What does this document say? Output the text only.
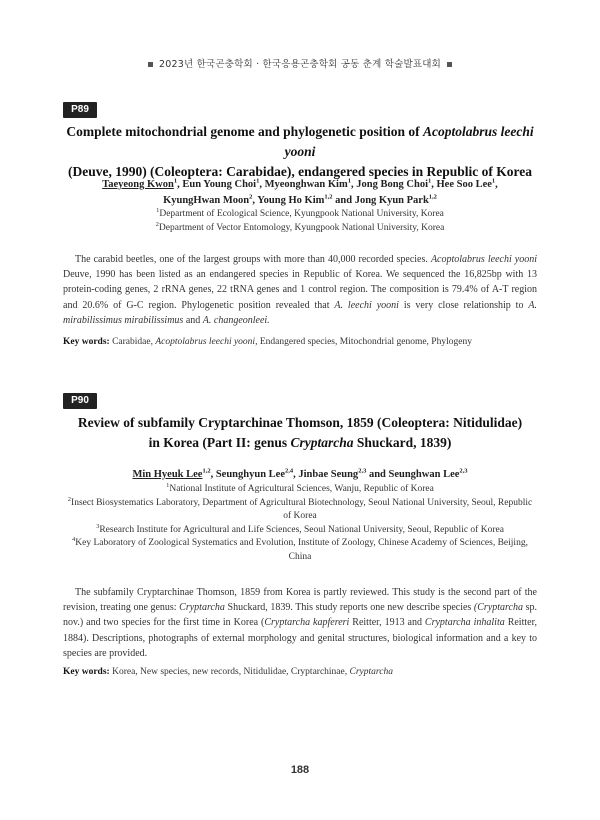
2023년 한국곤충학회 · 한국응용곤충학회 공동 춘계 학술발표대회
P89
Complete mitochondrial genome and phylogenetic position of Acoptolabrus leechi yooni
(Deuve, 1990) (Coleoptera: Carabidae), endangered species in Republic of Korea
Taeyeong Kwon$^1$, Eun Young Choi$^1$, Myeonghwan Kim$^1$, Jong Bong Choi$^1$, Hee Soo Lee$^1$,
KyungHwan Moon$^2$, Young Ho Kim$^{1,2}$ and Jong Kyun Park$^{1,2}$
$^1$Department of Ecological Science, Kyungpook National University, Korea
$^2$Department of Vector Entomology, Kyungpook National University, Korea
The carabid beetles, one of the largest groups with more than 40,000 recorded species. Acoptolabrus leechi yooni Deuve, 1990 has been listed as an endangered species in Republic of Korea. We sequenced the 16,825bp with 13 protein-coding genes, 2 rRNA genes, 22 tRNA genes and 1 control region. The composition is 79.4% of A-T region and 20.6% of G-C region. Phylogenetic position revealed that A. leechi yooni is very close relationship to A. mirabilissimus mirabilissimus and A. changeonleei.
Key words: Carabidae, Acoptolabrus leechi yooni, Endangered species, Mitochondrial genome, Phylogeny
P90
Review of subfamily Cryptarchinae Thomson, 1859 (Coleoptera: Nitidulidae)
in Korea (Part II: genus Cryptarcha Shuckard, 1839)
Min Hyeuk Lee$^{1,2}$, Seunghyun Lee$^{2,4}$, Jinbae Seung$^{2,3}$ and Seunghwan Lee$^{2,3}$
$^1$National Institute of Agricultural Sciences, Wanju, Republic of Korea
$^2$Insect Biosystematics Laboratory, Department of Agricultural Biotechnology, Seoul National University, Seoul, Republic of Korea
$^3$Research Institute for Agricultural and Life Sciences, Seoul National University, Seoul, Republic of Korea
$^4$Key Laboratory of Zoological Systematics and Evolution, Institute of Zoology, Chinese Academy of Sciences, Beijing, China
The subfamily Cryptarchinae Thomson, 1859 from Korea is partly reviewed. This study is the second part of the revision, treating one genus: Cryptarcha Shuckard, 1839. This study reports one new describe species (Cryptarcha sp. nov.) and two species for the first time in Korea (Cryptarcha kapfereri Reitter, 1913 and Cryptarcha inhalita Reitter, 1884). Descriptions, photographs of external morphology and genital structures, biological information and a key to species are provided.
Key words: Korea, New species, new records, Nitidulidae, Cryptarchinae, Cryptarcha
188
